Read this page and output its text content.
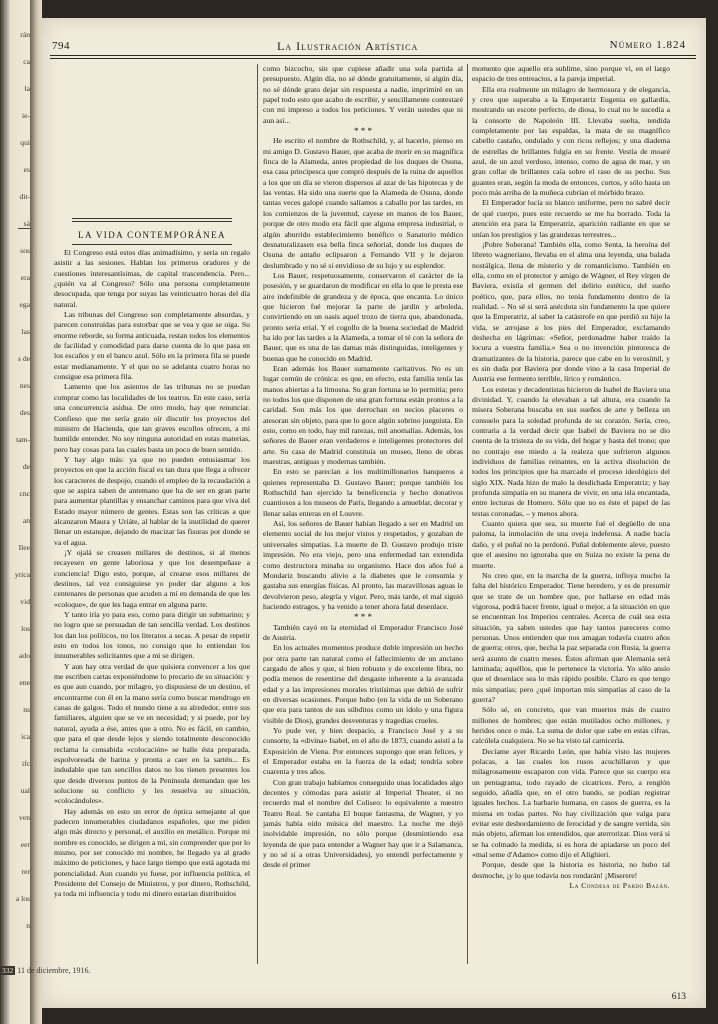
rán
ca
la
ie-
qui
es
dit-
sá
sos
era
ega
las
s de
nes
des
tam-
de
cnc
an
Ilee
yrica
vid
los
ado
ene
ns
ica
ifc
ual
ven
eer
rer
a los
n
794	La Ilustración Artística	Número 1.824
LA VIDA CONTEMPORÁNEA

El Congreso está estos días animadísimo, y sería un regalo asistir a las sesiones. Hablan los primeros oradores y de cuestiones interesantísimas, de capital trascendencia. Pero... ¿quién va al Congreso? Sólo una persona completamente desocupada, que tenga por suyas las veinticuatro horas del día natural.

Las tribunas del Congreso son completamente absurdas, y parecen construídas para estorbar que se vea y que se oiga. Su enorme reborde, su forma anticuada, restan todos los elementos de facilidad y comodidad para darse cuenta de lo que pasa en los escaños y en el banco azul. Sólo en la primera fila se puede estar medianamente. Y el que no se adelanta cuatro horas no consigue esa primera fila.

Lamento que los asientos de las tribunas no se puedan comprar como las localidades de los teatros. En este caso, sería una concurrencia asidua. De otro modo, hay que renunciar. Confieso que me sería grato oír discutir los proyectos del ministro de Hacienda, que tan graves escollos ofrecen, a mi humilde entender. No soy ninguna autoridad en estas materias, pero hay cosas para las cuales basta un poco de buen sentido.

Y hay algo más: ya que no pueden entusiasmar los proyectos en que la acción fiscal es tan dura que llega a ofrecer los caracteres de despojo, cuando el empleo de la recaudación a que se aspira saben de antemano que ha de ser en gran parte para aumentar plantillas y ensanchar caminos para que viva del Estado mayor número de gentes. Estas son las críticas a que alcanzaron Maura y Uriáte, al hablar de la inutilidad de querer llenar un estanque, dejando de macizar las fisuras por donde se va el agua.

¡Y ojalá se creasen millares de destinos, si al menos recayesen en gente laboriosa y que los desempeñase a conciencia! Digo esto, porque, al crearse esos millares de destinos, tal vez consiguiese yo poder dar alguno a los centenares de personas que acuden a mí en demanda de que les «coloque», de que les haga entrar en alguna parte.

Y tanto iría yo para eso, como para dirigir un submarino; y no logro que se persuadan de tan sencilla verdad. Los destinos los dan los políticos, no los literatos a secas. A pesar de repetir esto en todos los tonos, no consigo que lo entiendan los innumerables solicitantes que a mí se dirigen.

Y aun hay otra verdad de que quisiera convencer a los que me escriben cartas exponiéndome lo precario de su situación: y es que aun cuando, por milagro, yo dispusiese de un destino, el encontrarme con él en la mano sería como buscar mendrugo en canas de galgos. Todo el mundo tiene a su alrededor, entre sus familiares, alguien que se ve en necesidad; y si puede, por ley natural, ayuda a ése, antes que a otro. No es fácil, en cambio, que para el que desde lejos y siendo totalmente desconocido reclama la consabida «colocación» se halle ésta preparada, espolvoreada de harina y pronta a caer en la sartén... Es indudable que tan sencillos datos no los tienen presentes los que desde diversos puntos de la Península demandan que les solucione su conflicto y les resuelva su situación, «colocándoles».

Hay además en esto un error de óptica semejante al que padecen innumerables ciudadanos españoles, que me piden algo más directo y personal, el auxilio en metálico. Porque mi nombre es conocido, se dirigen a mí, sin comprender que por lo mismo, por ser conocido mi nombre, he llegado ya al grado máximo de peticiones, y hace largo tiempo que está agotada mi potencialidad. Aun cuando yo fuese, por influencia política, el Presidente del Consejo de Ministros, y por dinero, Rothschild, ya toda mi influencia y todo mi dinero estarían distribuídos

como bizcocho, sin que cupiese añadir una sola partida al presupuesto. Algún día, no sé dónde gratuitamente, si algún día, no sé dónde grato dejar sin respuesta a nadie, imprimiré en un papel todo esto que acabo de escribir, y sencillamente contestaré con mi impreso a todos los peticiones. Y verán ustedes que ni aun así...

* * *

He escrito el nombre de Rothschild, y, al hacerlo, pienso en mi amigo D. Gustavo Bauer, que acaba de morir en su magnífica finca de la Alameda, antes propiedad de los duques de Osuna, esa casa principesca que compró después de la ruina de aquellos a los que un día se vieron dispersos al azar de las hipotecas y de las ventas. Ha sido una suerte que la Alameda de Osuna, donde tantas veces galopé cuando salíamos a caballo por las tardes, en los comienzos de la juventud, cayese en manos de los Bauer, porque de otro modo era fácil que alguna empresa industrial, o algún aburrido establecimiento benéfico o Sanatorio médico desnaturalizasen esa bella finca señorial, donde los duques de Osuna de antaño eclipsaron a Fernando VII y le dejaron deslumbrado y no sé si envidioso de su lujo y su esplendor.

Los Bauer, respetuosamente, conservaron el carácter de la posesión, y se guardaron de modificar en ella lo que le presta ese aire indefinible de grandeza y de época, que encanta. Lo único que hicieron fué mejorar la parte de jardín y arboleda, convirtiendo en un oasis aquel trozo de tierra que, abandonada, pronto sería erial. Y el cogollo de la buena sociedad de Madrid ha ido por las tardes a la Alameda, a tomar el té con la señora de Bauer, que es una de las damas más distinguidas, inteligentes y buenas que he conocido en Madrid.

Eran además los Bauer sumamente caritativos. No es un lugar común de crónica: es que, en efecto, esta familia tenía las manos abiertas a la limosna. Su gran fortuna se lo permitía; pero no todos los que disponen de una gran fortuna están prontos a la caridad. Son más los que derrochan en necios placeres o atesoran sin objeto, para que lo goce algún sobrino jueguista. En esto, como en todo, hay mil rarezas, mil anomalías. Además, los señores de Bauer eran verdaderos e inteligentes protectores del arte. Su casa de Madrid constituía un museo, lleno de obras maestras, antiguas y modernas también.

En esto se parecían a los multimillonarios banqueros a quienes representaba D. Gustavo Bauer; porque también los Rothschild han ejercido la beneficencia y hecho donativos cuantiosos a los museos de París, llegando a amueblar, decorar y llenar salas enteras en el Louvre.

Así, los señores de Bauer habían llegado a ser en Madrid un elemento social de los mejor vistos y respetados, y gozaban de universales simpatías. La muerte de D. Gustavo produjo triste impresión. No era viejo, pero una enfermedad tan extendida como destructora minaba su organismo. Hace dos años fué a Mondariz buscando alivio a la diabetes que le consumía y gastaba sus energías físicas. Al pronto, las maravillosas aguas le devolvieron peso, alegría y vigor. Pero, más tarde, el mal siguió haciendo estragos, y ha venido a tener ahora fatal desenlace.

* * *

También cayó en la eternidad el Emperador Francisco José de Austria.

En los actuales momentos produce doble impresión un hecho por otra parte tan natural como el fallecimiento de un anciano cargado de años y que, si bien robusto y de excelente fibra, no podía menos de resentirse del desgaste inherente a la avanzada edad y a las impresiones morales tristísimas que debió de sufrir en diversas ocasiones. Porque hubo (en la vida de un Soberano que era para tantos de sus súbditos como un ídolo y una figura visible de Dios), grandes desventuras y tragedias crueles.

Yo pude ver, y bien despacio, a Francisco José y a su consorte, la «divina» Isabel, en el año de 1873, cuando asistí a la Exposición de Viena. Por entonces supongo que eran felices, y el Emperador estaba en la fuerza de la edad; tendría sobre cuarenta y tres años.

Con gran trabajo habíamos conseguido unas localidades algo decentes y cómodas para asistir al Imperial Theater, si no recuerdo mal el nombre del Coliseo: lo equivalente a nuestro Teatro Real. Se cantaba El buque fantasma, de Wagner, y yo jamás había oído música del maestro. La noche me dejó inolvidable impresión, no sólo porque (desmintiendo esa leyenda de que para entender a Wagner hay que ir a Salamanca, y no sé si a otras Universidades), yo entendí perfectamente y desde el primer

momento que aquello era sublime, sino porque vi, en el largo espacio de tres entreactos, a la pareja imperial.

Ella era realmente un milagro de hermosura y de elegancia, y creo que superaba a la Emperatriz Eugenia en gallardía, mostrando un escote perfecto, de diosa, lo cual no le sucedía a la consorte de Napoleón III. Llevaba suelta, tendida completamente por las espaldas, la mata de su magnífico cabello castaño, ondulado y con ricos reflejos; y una diadema de estrellas de brillantes fulgía en su frente. Vestía de moaré azul, de un azul verdoso, intenso, como de agua de mar, y un gran collar de brillantes caía sobre el raso de su pecho. Sus guantes eran, según la moda de entonces, cortos, y sólo hasta un poco más arriba de la muñeca cubrían el mórbido brazo.

El Emperador lucía su blanco uniforme, pero no sabré decir de qué cuerpo, pues este recuerdo se me ha borrado. Toda la atención era para la Emperatriz, aparición radiante en que se unían los prestigios y las grandezas terrestres...

¡Pobre Soberana! También ella, como Senta, la heroína del libreto wagneriano, llevaba en el alma una leyenda, una balada nostálgica, llena de misterio y de romanticismo. También en ella, como en el protector y amigo de Wágner, el Rey vírgen de Baviera, existía el germen del delirio estético, del sueño poético, que, para ellos, no tenía fundamento dentro de la realidad. – No sé si será anécdota sin fundamento la que quiere que la Emperatriz, al saber la catástrofe en que perdió su hijo la vida, se arrojase a los pies del Emperador, exclamando deshecha en lágrimas: «Señor, perdonadme haber traído la locura a vuestra familia.» Sea o no invención pintoresca de dramatizantes de la historia, parece que cabe en lo verosímil, y es sin duda por Baviera por donde vino a la casa Imperial de Austria ese fermento terrible, lírico y romántico.

Los estetas y decadentistas hicieron de Isabel de Baviera una divinidad. Y, cuando la elevaban a tal altura, era cuando la misera Soberana buscaba en sus sueños de arte y belleza un consuelo para la soledad profunda de su corazón. Sería, creo, contraria a la verdad decir que Isabel de Baviera no se dio cuenta de la tristeza de su vida, del hogar y hasta del trono; que no contrajo ese miedo a la realeza que sufrieron algunos individuos de familias reinantes, en la activa disolución de todos los principios que ha marcado el proceso ideológico del siglo XIX. Nada hizo de malo la desdichada Emperatriz; y hay profunda simpatía en su manera de vivir, en una isla encantada, entre lecturas de Homero. Sólo que no es éste el papel de las testas coronadas, – y menos ahora.

Cuanto quiera que sea, su muerte fué el degüello de una paloma, la inmolación de una oveja indefensa. A nadie hacía daño, y el puñal no la perdonó. Puñal doblemente aleve, puesto que el asesino no ignoraba que en Suiza no existe la pena de muerte.

No creo que, en la marcha de la guerra, influya mucho la falta del histórico Emperador. Tiene heredero, y es de presumir que se trate de un hombre que, por hallarse en edad más vigorosa, podrá hacer frente, igual o mejor, a la situación en que se encuentran los Imperios centrales. Acerca de cuál sea esta situación, ya saben ustedes que hay tantos pareceres como personas. Unos entienden que nos amagan todavía cuatro años de guerra; otros, que, hecha la paz separada con Rusia, la guerra será asunto de cuatro meses. Éstos afirman que Alemania será laminada; aquéllos, que le pertenece la victoria. Yo sólo ansío que el desenlace sea lo más rápido posible. Claro es que tengo mis simpatías; pero ¿qué importan mis simpatías al caso de la guerra?

Sólo sé, en concreto, que van muertos más de cuatro millones de hombres; que están mutilados ocho millones, y heridos once o más. La suma de dolor que cabe en estas cifras, calcúlela cualquiera. No se ha visto tal carnicería.

Decíame ayer Ricardo León, que había visto las mujeres polacas, a las cuales los rusos acuchillaron y que milagrosamente escaparon con vida. Parece que su cuerpo era un pentagrama, todo rayado de cicatrices. Pero, a renglón seguido, añadía que, en el otro bando, se podían registrar iguales hechos. La barbarie humana, en casos de guerra, es la misma en todas partes. No hay civilización que valga para evitar este desbordamiento de ferocidad y de sangre vertida, sin más objeto, afirman los entendidos, que aterrorizar. Dios verá si se ha colmado la medida, si es hora de apiadarse un poco del «mal seme d'Adamo» como dijo el Alighieri.

Porque, desde que la historia es historia, no hubo tal desmoche, ¡y lo que todavía nos rondarán! ¡Miserere!

La Condesa de Pardo Bazán.

613
332 11 de diciembre, 1916.
